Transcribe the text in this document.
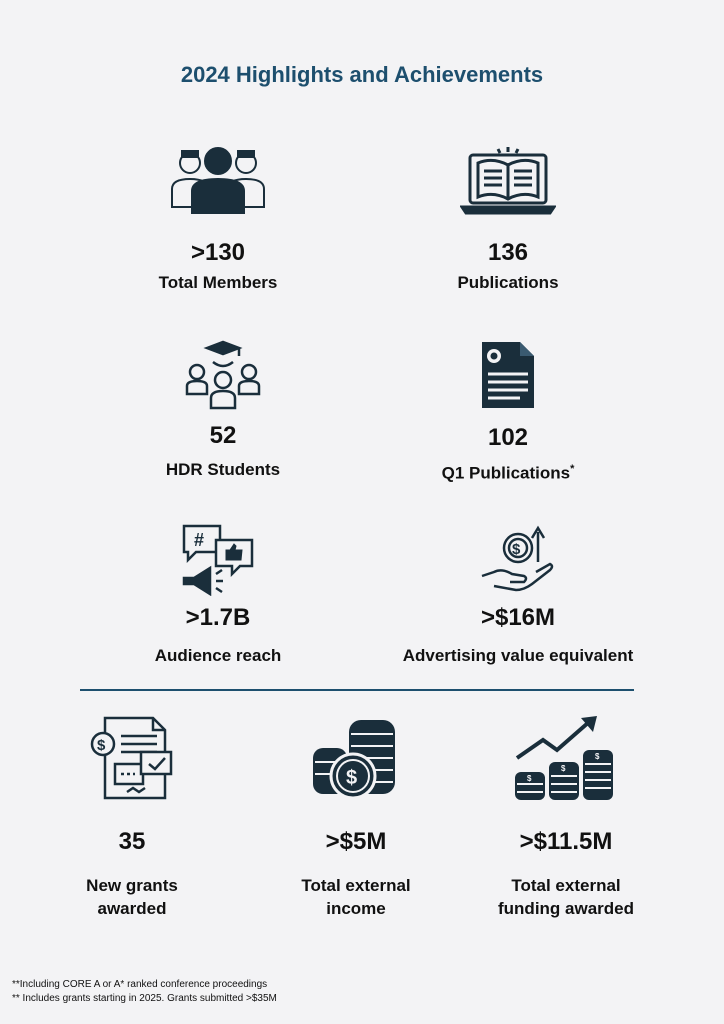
2024 Highlights and Achievements
>130
Total Members
136
Publications
52
HDR Students
102
Q1 Publications*
#
>1.7B
Audience reach
$
>$16M
Advertising value equivalent
$
35
New grants
awarded
$
>$5M
Total external
income
$
$
$
>$11.5M
Total external
funding awarded
**Including CORE A or A* ranked conference proceedings
** Includes grants starting in 2025. Grants submitted >$35M
